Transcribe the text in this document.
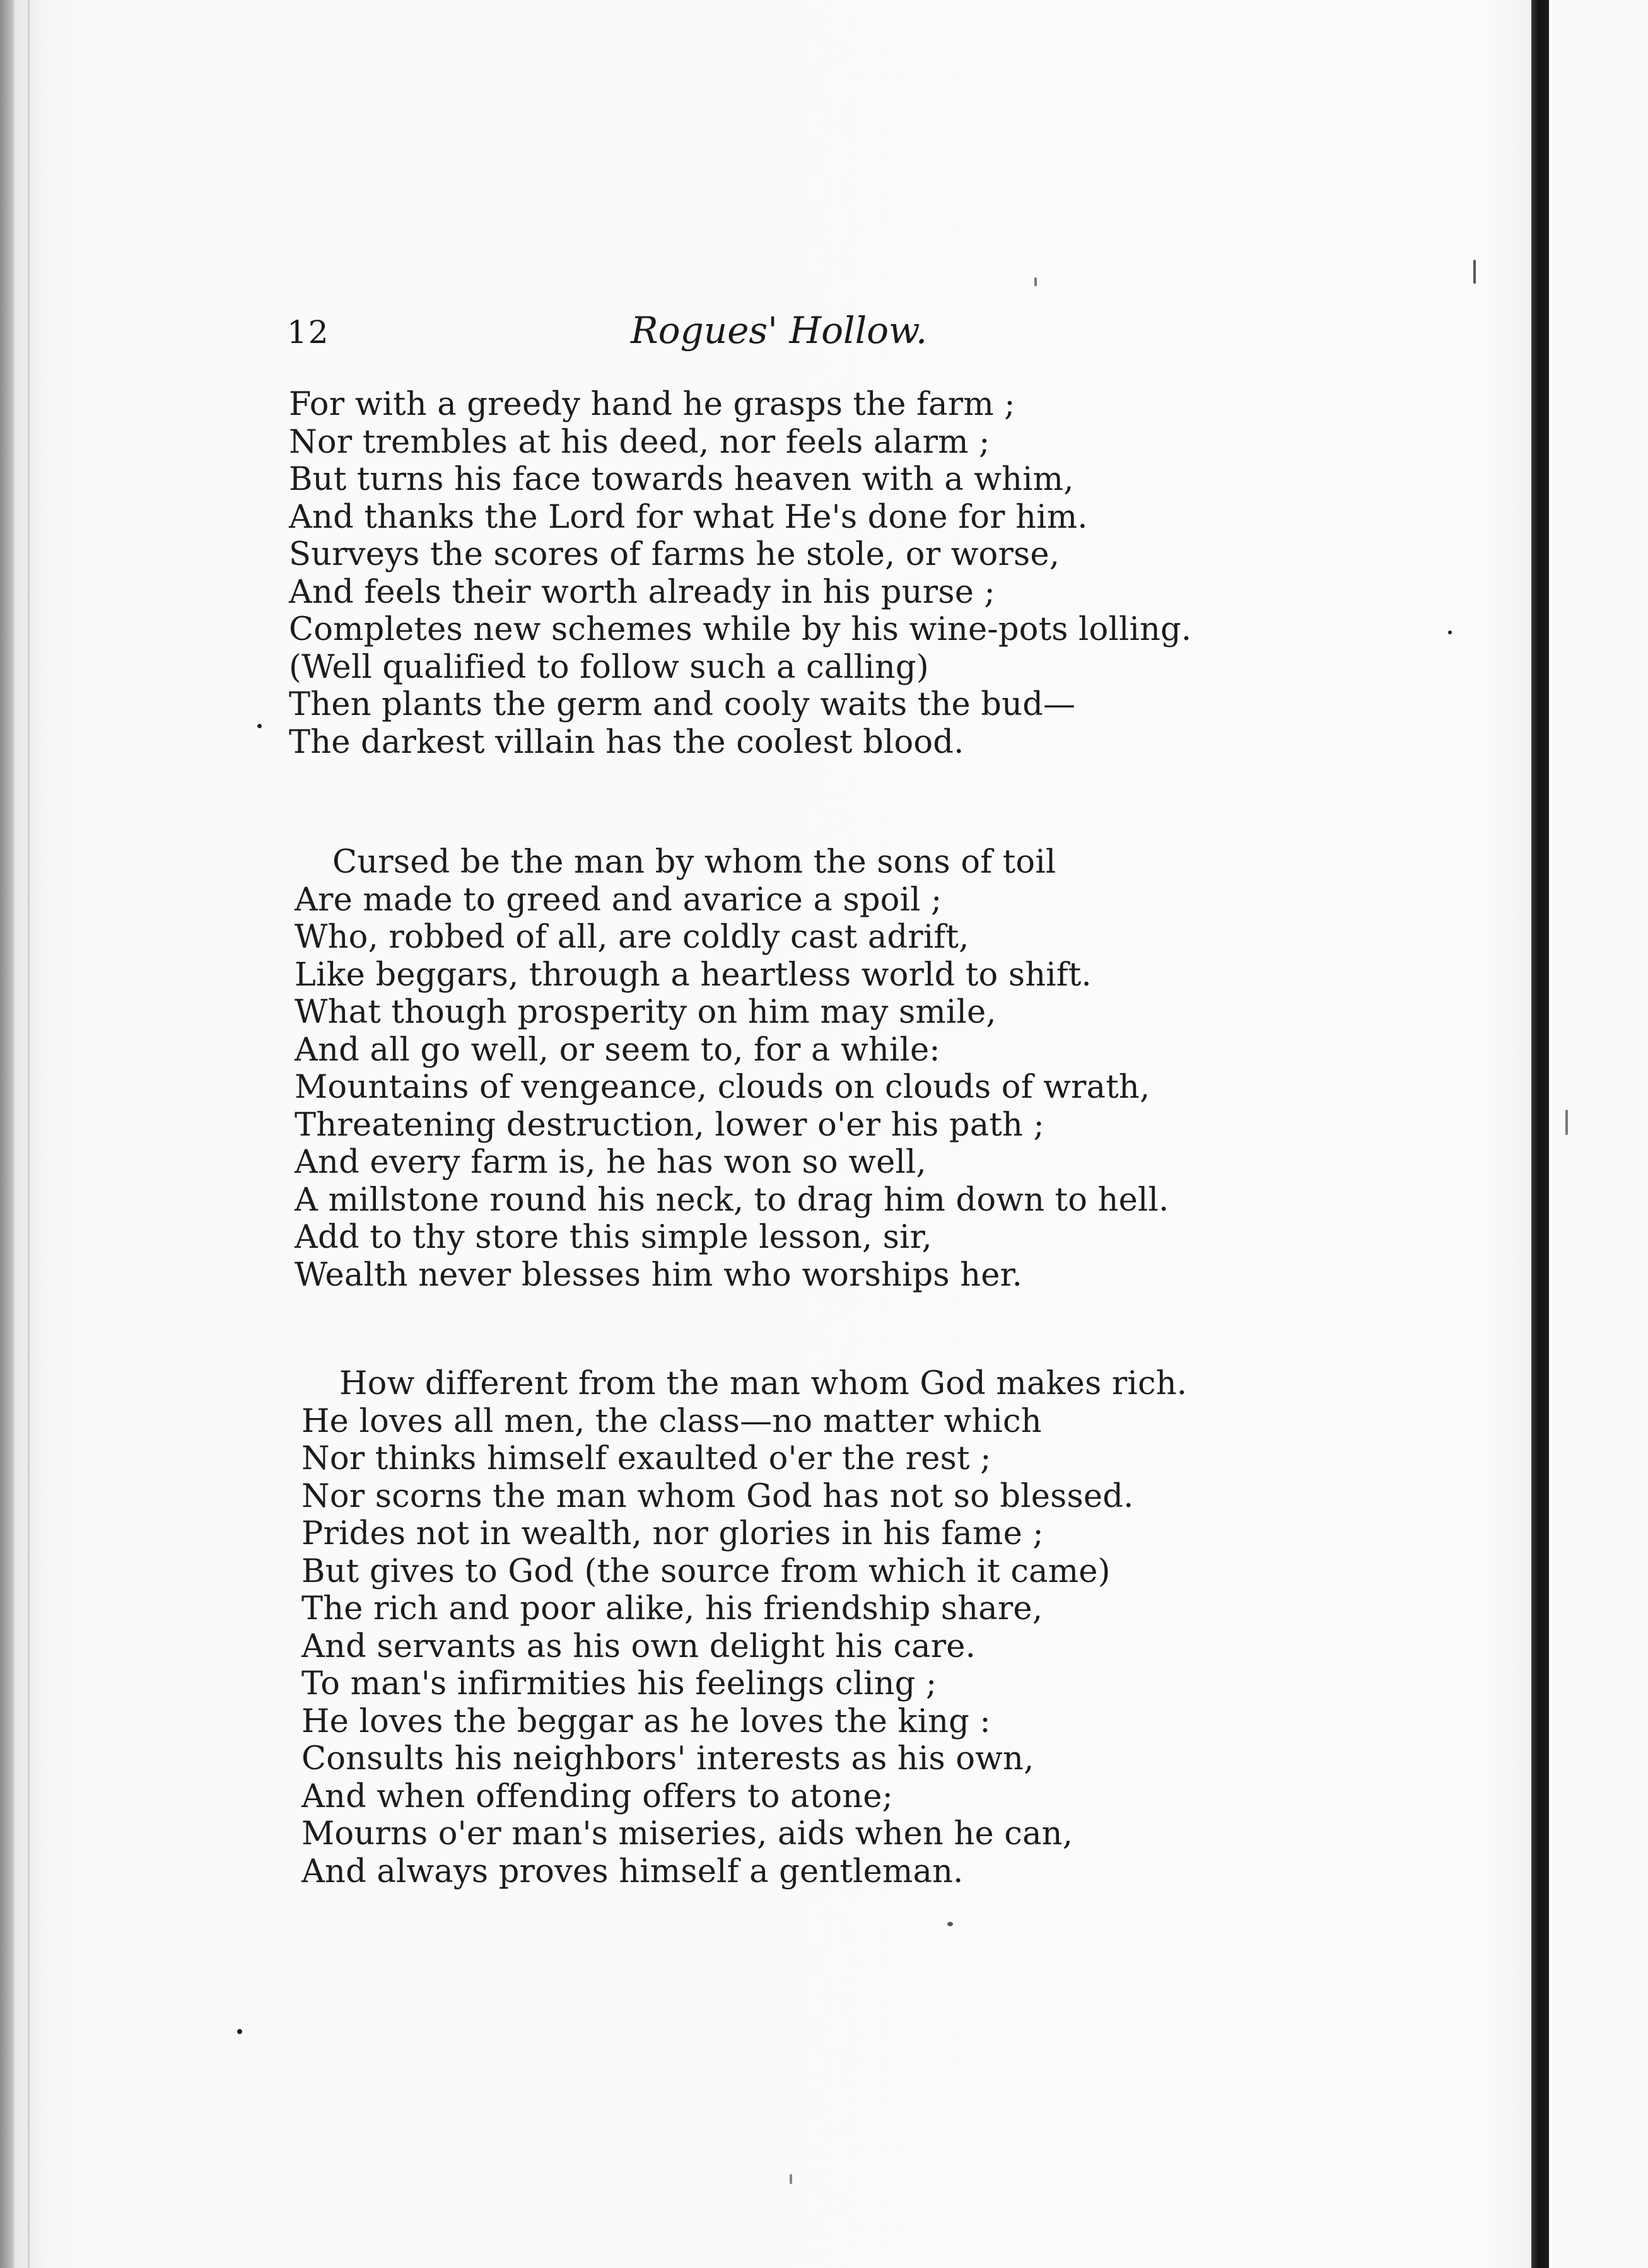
12	Rogues' Hollow.
For with a greedy hand he grasps the farm ;
Nor trembles at his deed, nor feels alarm ;
But turns his face towards heaven with a whim,
And thanks the Lord for what He's done for him.
Surveys the scores of farms he stole, or worse,
And feels their worth already in his purse ;
Completes new schemes while by his wine-pots lolling.
(Well qualified to follow such a calling)
Then plants the germ and cooly waits the bud—
The darkest villain has the coolest blood.
Cursed be the man by whom the sons of toil
Are made to greed and avarice a spoil ;
Who, robbed of all, are coldly cast adrift,
Like beggars, through a heartless world to shift.
What though prosperity on him may smile,
And all go well, or seem to, for a while:
Mountains of vengeance, clouds on clouds of wrath,
Threatening destruction, lower o'er his path ;
And every farm is, he has won so well,
A millstone round his neck, to drag him down to hell.
Add to thy store this simple lesson, sir,
Wealth never blesses him who worships her.
How different from the man whom God makes rich.
He loves all men, the class—no matter which
Nor thinks himself exaulted o'er the rest ;
Nor scorns the man whom God has not so blessed.
Prides not in wealth, nor glories in his fame ;
But gives to God (the source from which it came)
The rich and poor alike, his friendship share,
And servants as his own delight his care.
To man's infirmities his feelings cling ;
He loves the beggar as he loves the king :
Consults his neighbors' interests as his own,
And when offending offers to atone;
Mourns o'er man's miseries, aids when he can,
And always proves himself a gentleman.
